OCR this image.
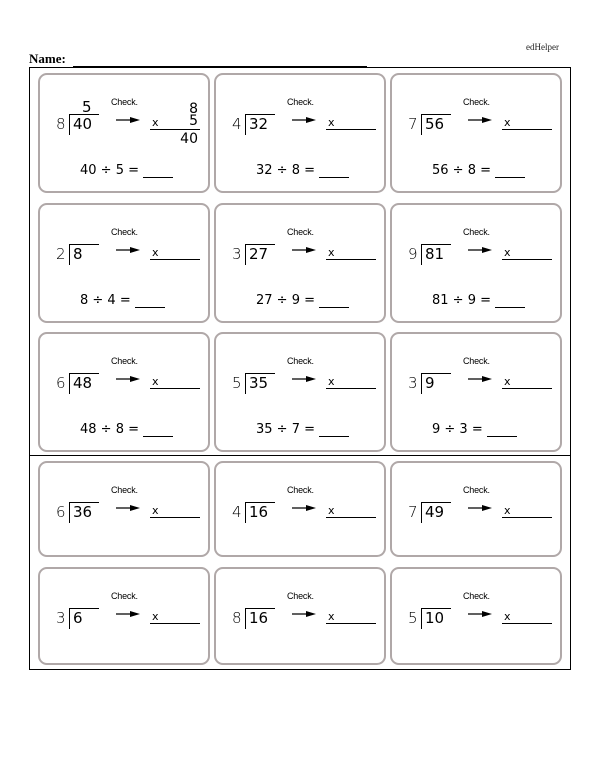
edHelper
Name:
5
8 40
Check.	8
x 5
40
40 ÷ 5 =
4 32
Check.
x
32 ÷ 8 =
7 56
Check.
x
56 ÷ 8 =
2 8
Check.
x
8 ÷ 4 =
3 27
Check.
x
27 ÷ 9 =
9 81
Check.
x
81 ÷ 9 =
6 48
Check.
x
48 ÷ 8 =
5 35
Check.
x
35 ÷ 7 =
3 9
Check.
x
9 ÷ 3 =
6 36
Check.
x	4 16
Check.
x	7 49
Check.
x
3 6
Check.
x	8 16
Check.
x	5 10
Check.
x
